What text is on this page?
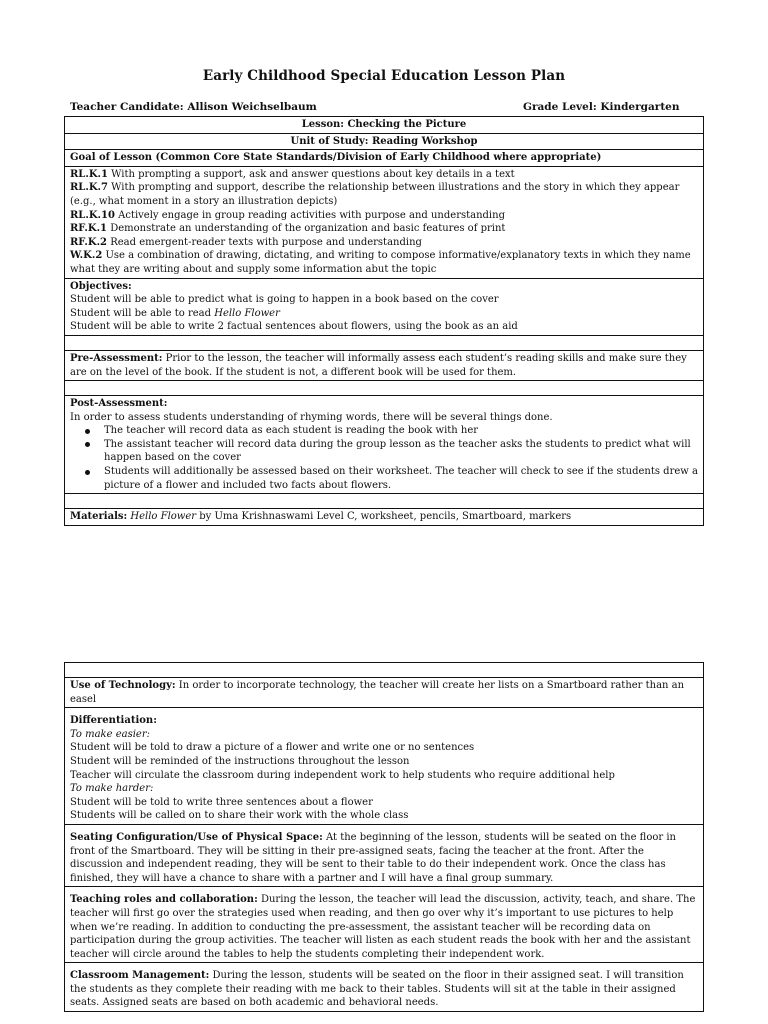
Early Childhood Special Education Lesson Plan
Teacher Candidate: Allison Weichselbaum	Grade Level: Kindergarten
Lesson: Checking the Picture
Unit of Study: Reading Workshop
Goal of Lesson (Common Core State Standards/Division of Early Childhood where appropriate)

RL.K.1 With prompting a support, ask and answer questions about key details in a text
RL.K.7 With prompting and support, describe the relationship between illustrations and the story in which they appear (e.g., what moment in a story an illustration depicts)
RL.K.10 Actively engage in group reading activities with purpose and understanding
RF.K.1 Demonstrate an understanding of the organization and basic features of print
RF.K.2 Read emergent-reader texts with purpose and understanding
W.K.2 Use a combination of drawing, dictating, and writing to compose informative/explanatory texts in which they name what they are writing about and supply some information abut the topic

Objectives:
Student will be able to predict what is going to happen in a book based on the cover
Student will be able to read Hello Flower
Student will be able to write 2 factual sentences about flowers, using the book as an aid

Pre-Assessment: Prior to the lesson, the teacher will informally assess each student’s reading skills and make sure they are on the level of the book. If the student is not, a different book will be used for them.

Post-Assessment:
In order to assess students understanding of rhyming words, there will be several things done.
The teacher will record data as each student is reading the book with her
The assistant teacher will record data during the group lesson as the teacher asks the students to predict what will happen based on the cover
Students will additionally be assessed based on their worksheet. The teacher will check to see if the students drew a picture of a flower and included two facts about flowers.

Materials: Hello Flower by Uma Krishnaswami Level C, worksheet, pencils, Smartboard, markers

Use of Technology: In order to incorporate technology, the teacher will create her lists on a Smartboard rather than an easel

Differentiation:
To make easier:
Student will be told to draw a picture of a flower and write one or no sentences
Student will be reminded of the instructions throughout the lesson
Teacher will circulate the classroom during independent work to help students who require additional help
To make harder:
Student will be told to write three sentences about a flower
Students will be called on to share their work with the whole class

Seating Configuration/Use of Physical Space: At the beginning of the lesson, students will be seated on the floor in front of the Smartboard. They will be sitting in their pre-assigned seats, facing the teacher at the front. After the discussion and independent reading, they will be sent to their table to do their independent work. Once the class has finished, they will have a chance to share with a partner and I will have a final group summary.
Teaching roles and collaboration: During the lesson, the teacher will lead the discussion, activity, teach, and share. The teacher will first go over the strategies used when reading, and then go over why it’s important to use pictures to help when we’re reading. In addition to conducting the pre-assessment, the assistant teacher will be recording data on participation during the group activities. The teacher will listen as each student reads the book with her and the assistant teacher will circle around the tables to help the students completing their independent work.
Classroom Management: During the lesson, students will be seated on the floor in their assigned seat. I will transition the students as they complete their reading with me back to their tables. Students will sit at the table in their assigned seats. Assigned seats are based on both academic and behavioral needs.
